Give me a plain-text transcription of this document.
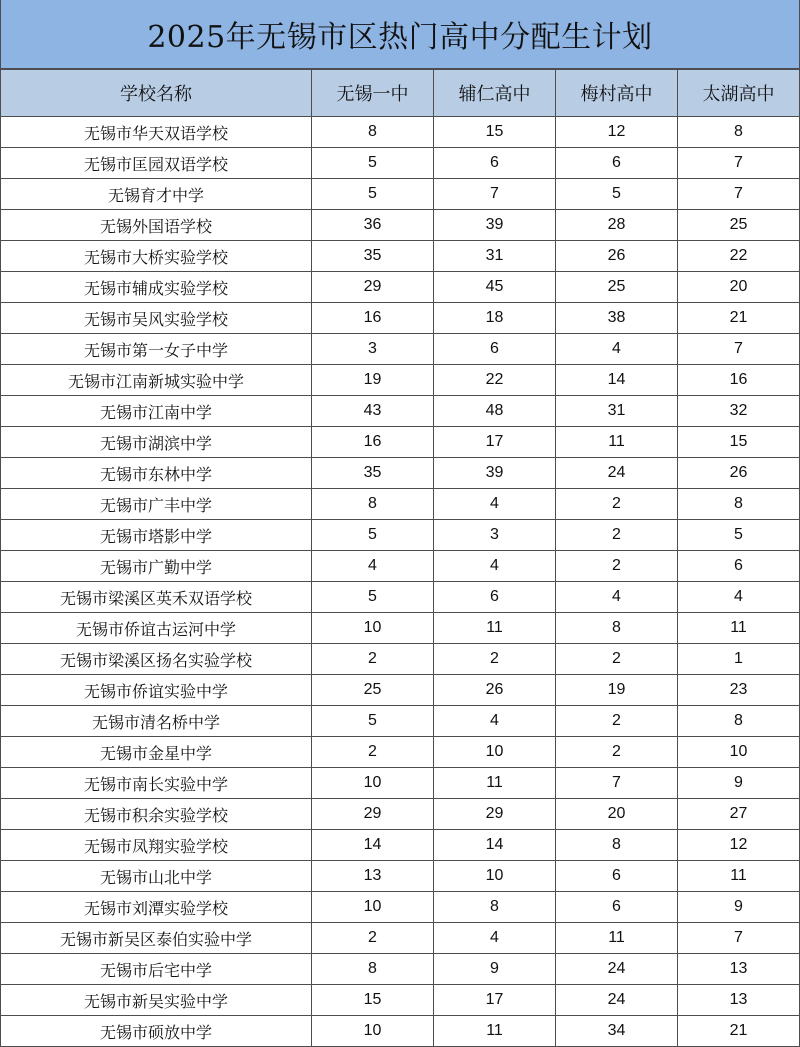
2025年无锡市区热门高中分配生计划
学校名称	无锡一中	辅仁高中	梅村高中	太湖高中
无锡市华天双语学校	8	15	12	8
无锡市匡园双语学校	5	6	6	7
无锡育才中学	5	7	5	7
无锡外国语学校	36	39	28	25
无锡市大桥实验学校	35	31	26	22
无锡市辅成实验学校	29	45	25	20
无锡市吴风实验学校	16	18	38	21
无锡市第一女子中学	3	6	4	7
无锡市江南新城实验中学	19	22	14	16
无锡市江南中学	43	48	31	32
无锡市湖滨中学	16	17	11	15
无锡市东林中学	35	39	24	26
无锡市广丰中学	8	4	2	8
无锡市塔影中学	5	3	2	5
无锡市广勤中学	4	4	2	6
无锡市梁溪区英禾双语学校	5	6	4	4
无锡市侨谊古运河中学	10	11	8	11
无锡市梁溪区扬名实验学校	2	2	2	1
无锡市侨谊实验中学	25	26	19	23
无锡市清名桥中学	5	4	2	8
无锡市金星中学	2	10	2	10
无锡市南长实验中学	10	11	7	9
无锡市积余实验学校	29	29	20	27
无锡市凤翔实验学校	14	14	8	12
无锡市山北中学	13	10	6	11
无锡市刘潭实验学校	10	8	6	9
无锡市新吴区泰伯实验中学	2	4	11	7
无锡市后宅中学	8	9	24	13
无锡市新吴实验中学	15	17	24	13
无锡市硕放中学	10	11	34	21
